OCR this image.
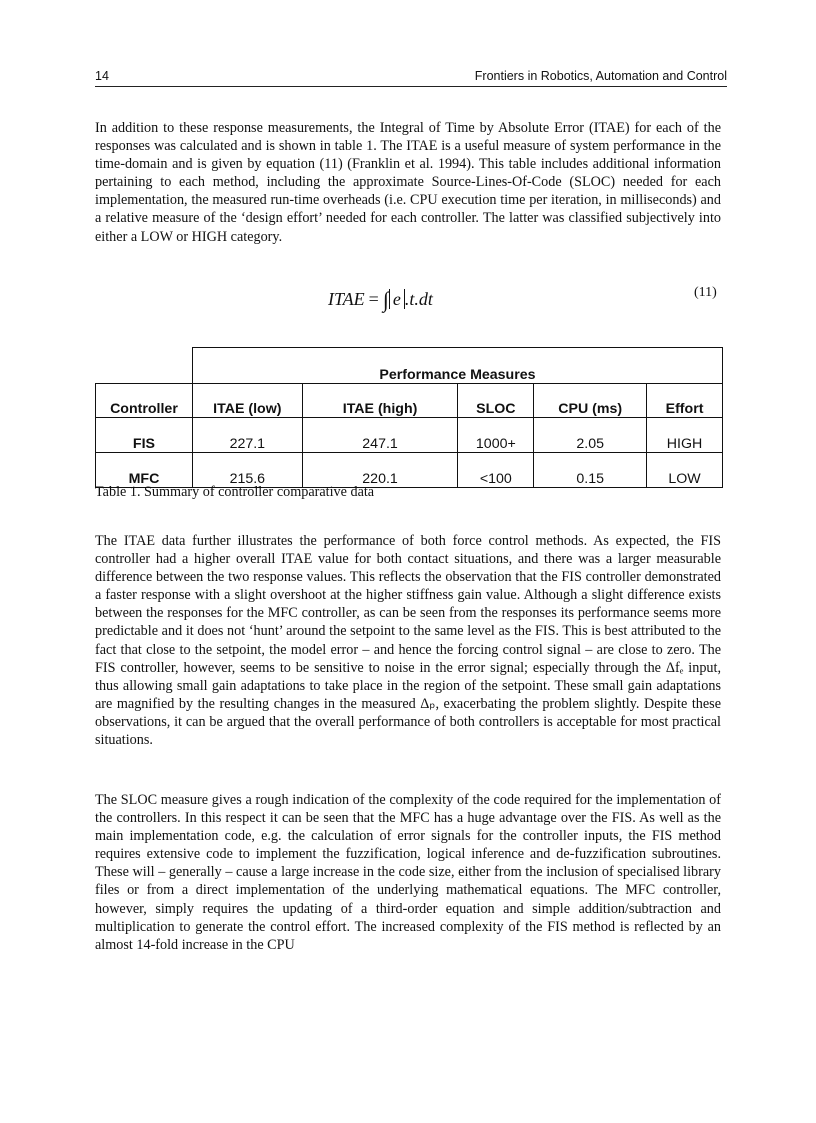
14	Frontiers in Robotics, Automation and Control

In addition to these response measurements, the Integral of Time by Absolute Error (ITAE) for each of the responses was calculated and is shown in table 1. The ITAE is a useful measure of system performance in the time-domain and is given by equation (11) (Franklin et al. 1994). This table includes additional information pertaining to each method, including the approximate Source-Lines-Of-Code (SLOC) needed for each implementation, the measured run-time overheads (i.e. CPU execution time per iteration, in milliseconds) and a relative measure of the ‘design effort’ needed for each controller. The latter was classified subjectively into either a LOW or HIGH category.

ITAE = ∫ e .t.dt	(11)
	Performance Measures				
Controller	ITAE (low)	ITAE (high)	SLOC	CPU (ms)	Effort
FIS	227.1	247.1	1000+	2.05	HIGH
MFC	215.6	220.1	<100	0.15	LOW
Table 1. Summary of controller comparative data

The ITAE data further illustrates the performance of both force control methods. As expected, the FIS controller had a higher overall ITAE value for both contact situations, and there was a larger measurable difference between the two response values. This reflects the observation that the FIS controller demonstrated a faster response with a slight overshoot at the higher stiffness gain value. Although a slight difference exists between the responses for the MFC controller, as can be seen from the responses its performance seems more predictable and it does not ‘hunt’ around the setpoint to the same level as the FIS. This is best attributed to the fact that close to the setpoint, the model error – and hence the forcing control signal – are close to zero. The FIS controller, however, seems to be sensitive to noise in the error signal; especially through the Δfₑ input, thus allowing small gain adaptations to take place in the region of the setpoint. These small gain adaptations are magnified by the resulting changes in the measured Δₚ, exacerbating the problem slightly. Despite these observations, it can be argued that the overall performance of both controllers is acceptable for most practical situations.

The SLOC measure gives a rough indication of the complexity of the code required for the implementation of the controllers. In this respect it can be seen that the MFC has a huge advantage over the FIS. As well as the main implementation code, e.g. the calculation of error signals for the controller inputs, the FIS method requires extensive code to implement the fuzzification, logical inference and de-fuzzification subroutines. These will – generally – cause a large increase in the code size, either from the inclusion of specialised library files or from a direct implementation of the underlying mathematical equations. The MFC controller, however, simply requires the updating of a third-order equation and simple addition/subtraction and multiplication to generate the control effort. The increased complexity of the FIS method is reflected by an almost 14-fold increase in the CPU
